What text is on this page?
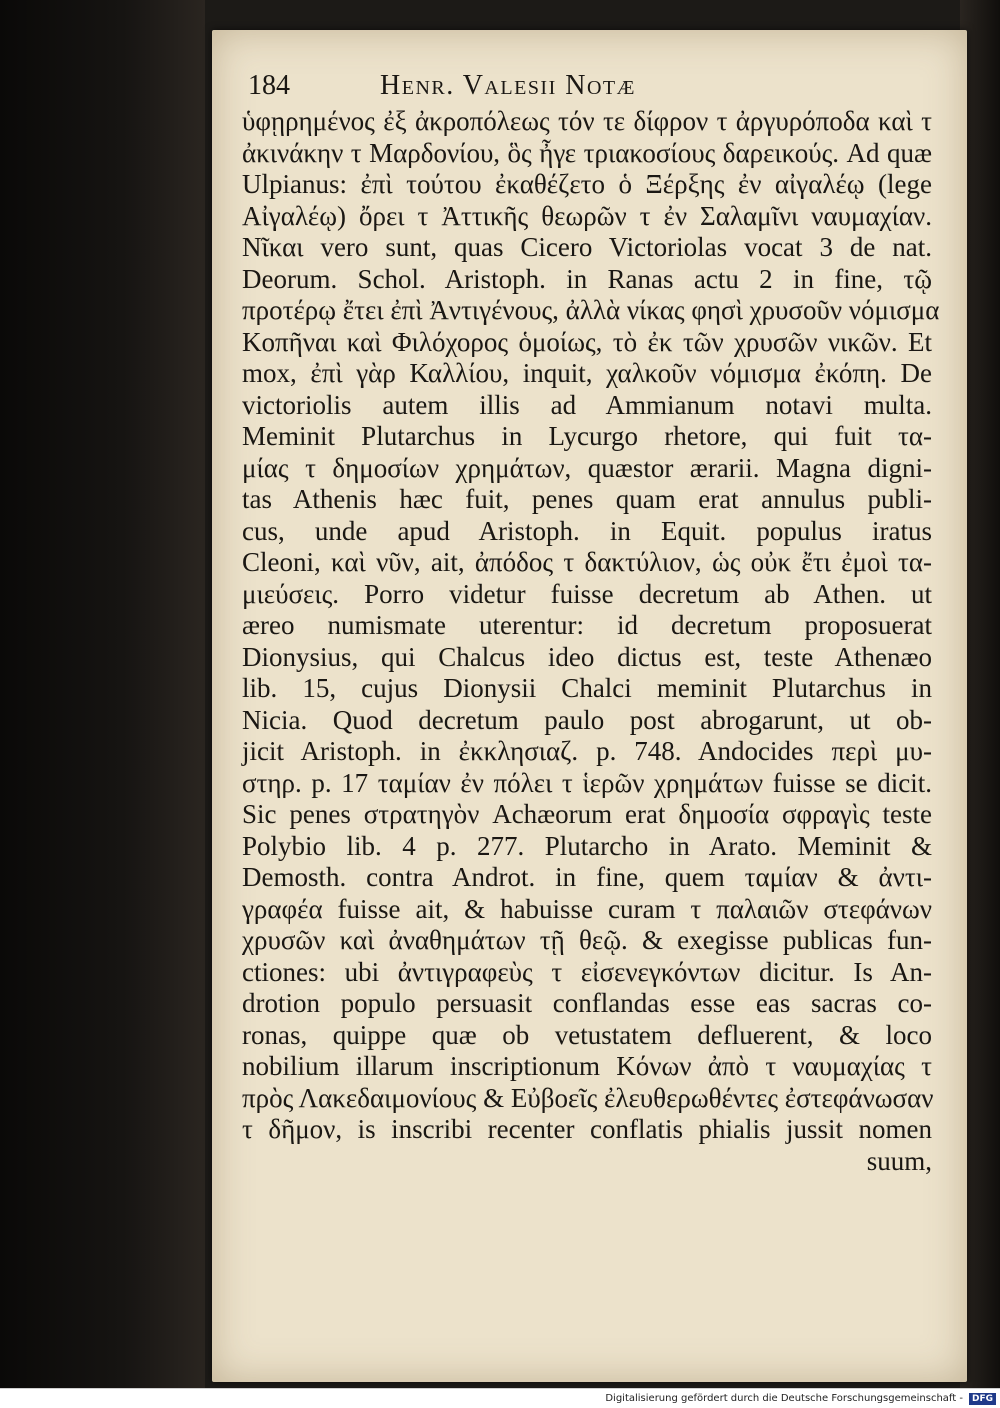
184	Henr. Valesii Notæ
ὑφῃρημένος ἐξ ἀκροπόλεως τόν τε δίφρον τ ἀργυρόποδα καὶ τ
ἀκινάκην τ Μαρδονίου, ὃς ἦγε τριακοσίους δαρεικούς. Ad quæ
Ulpianus: ἐπὶ τούτου ἐκαθέζετο ὁ Ξέρξης ἐν αἰγαλέῳ (lege
Αἰγαλέῳ) ὄρει τ Ἀττικῆς θεωρῶν τ ἐν Σαλαμῖνι ναυμαχίαν.
Νῖκαι vero sunt, quas Cicero Victoriolas vocat 3 de nat.
Deorum. Schol. Aristoph. in Ranas actu 2 in fine, τῷ
προτέρῳ ἔτει ἐπὶ Ἀντιγένους, ἀλλὰ νίκας φησὶ χρυσοῦν νόμισμα
Κοπῆναι καὶ Φιλόχορος ὁμοίως, τὸ ἐκ τῶν χρυσῶν νικῶν. Et
mox, ἐπὶ γὰρ Καλλίου, inquit, χαλκοῦν νόμισμα ἐκόπη. De
victoriolis autem illis ad Ammianum notavi multa.
Meminit Plutarchus in Lycurgo rhetore, qui fuit τα-
μίας τ δημοσίων χρημάτων, quæstor ærarii. Magna digni-
tas Athenis hæc fuit, penes quam erat annulus publi-
cus, unde apud Aristoph. in Equit. populus iratus
Cleoni, καὶ νῦν, ait, ἀπόδος τ δακτύλιον, ὡς οὐκ ἔτι ἐμοὶ τα-
μιεύσεις. Porro videtur fuisse decretum ab Athen. ut
æreo numismate uterentur: id decretum proposuerat
Dionysius, qui Chalcus ideo dictus est, teste Athenæo
lib. 15, cujus Dionysii Chalci meminit Plutarchus in
Nicia. Quod decretum paulo post abrogarunt, ut ob-
jicit Aristoph. in ἐκκλησιαζ. p. 748. Andocides περὶ μυ-
στηρ. p. 17 ταμίαν ἐν πόλει τ ἱερῶν χρημάτων fuisse se dicit.
Sic penes στρατηγὸν Achæorum erat δημοσία σφραγὶς teste
Polybio lib. 4 p. 277. Plutarcho in Arato. Meminit &
Demosth. contra Androt. in fine, quem ταμίαν & ἀντι-
γραφέα fuisse ait, & habuisse curam τ παλαιῶν στεφάνων
χρυσῶν καὶ ἀναθημάτων τῇ θεῷ. & exegisse publicas fun-
ctiones: ubi ἀντιγραφεὺς τ εἰσενεγκόντων dicitur. Is An-
drotion populo persuasit conflandas esse eas sacras co-
ronas, quippe quæ ob vetustatem defluerent, & loco
nobilium illarum inscriptionum Κόνων ἀπὸ τ ναυμαχίας τ
πρὸς Λακεδαιμονίους & Εὐβοεῖς ἐλευθερωθέντες ἐστεφάνωσαν
τ δῆμον, is inscribi recenter conflatis phialis jussit nomen
suum,
Digitalisierung gefördert durch die Deutsche Forschungsgemeinschaft -	DFG
